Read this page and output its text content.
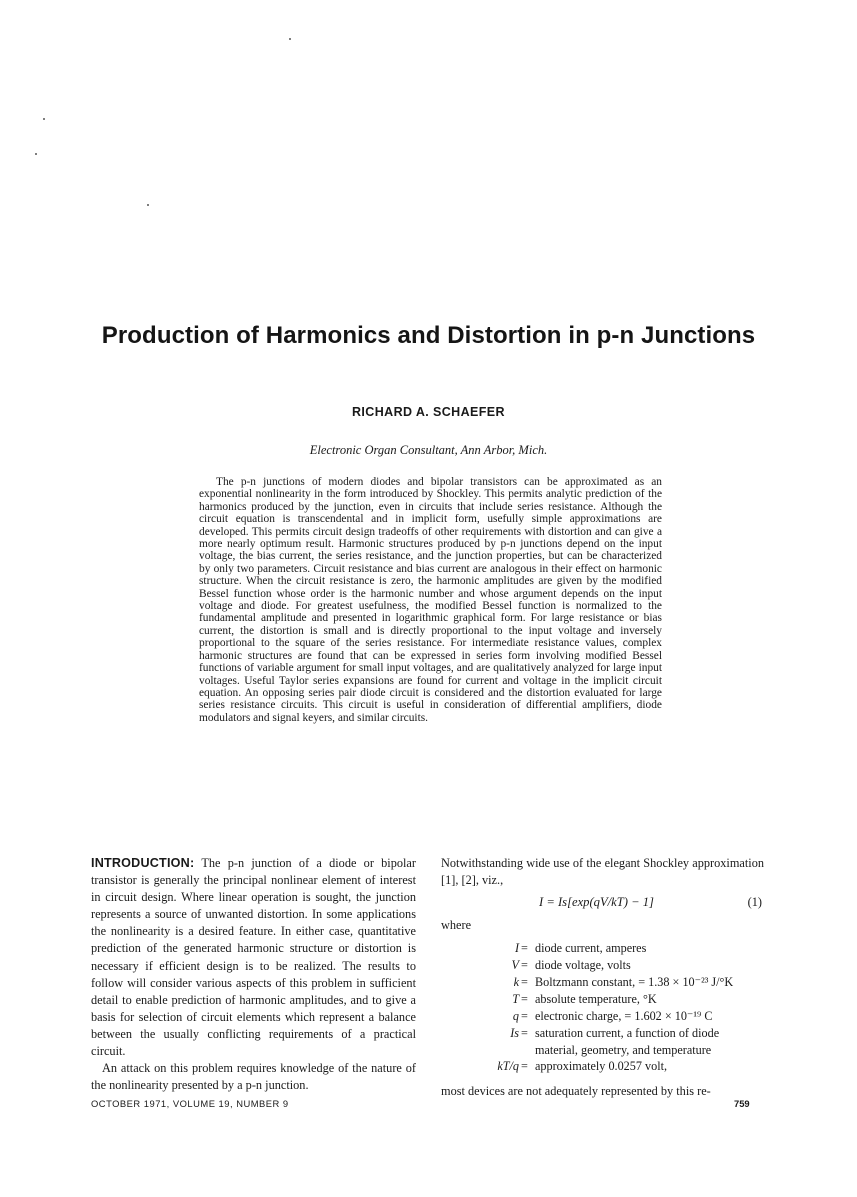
Production of Harmonics and Distortion in p-n Junctions
RICHARD A. SCHAEFER
Electronic Organ Consultant, Ann Arbor, Mich.

The p-n junctions of modern diodes and bipolar transistors can be approximated as an exponential nonlinearity in the form introduced by Shockley. This permits analytic prediction of the harmonics produced by the junction, even in circuits that include series resistance. Although the circuit equation is transcendental and in implicit form, usefully simple approximations are developed. This permits circuit design tradeoffs of other requirements with distortion and can give a more nearly optimum result. Harmonic structures produced by p-n junctions depend on the input voltage, the bias current, the series resistance, and the junction properties, but can be characterized by only two parameters. Circuit resistance and bias current are analogous in their effect on harmonic structure. When the circuit resistance is zero, the harmonic amplitudes are given by the modified Bessel function whose order is the harmonic number and whose argument depends on the input voltage and diode. For greatest usefulness, the modified Bessel function is normalized to the fundamental amplitude and presented in logarithmic graphical form. For large resistance or bias current, the distortion is small and is directly proportional to the input voltage and inversely proportional to the square of the series resistance. For intermediate resistance values, complex harmonic structures are found that can be expressed in series form involving modified Bessel functions of variable argument for small input voltages, and are qualitatively analyzed for large input voltages. Useful Taylor series expansions are found for current and voltage in the implicit circuit equation. An opposing series pair diode circuit is considered and the distortion evaluated for large series resistance circuits. This circuit is useful in consideration of differential amplifiers, diode modulators and signal keyers, and similar circuits.

INTRODUCTION: The p-n junction of a diode or bipolar transistor is generally the principal nonlinear element of interest in circuit design. Where linear operation is sought, the junction represents a source of unwanted distortion. In some applications the nonlinearity is a desired feature. In either case, quantitative prediction of the generated harmonic structure or distortion is necessary if efficient design is to be realized. The results to follow will consider various aspects of this problem in sufficient detail to enable prediction of harmonic amplitudes, and to give a basis for selection of circuit elements which represent a balance between the usually conflicting requirements of a practical circuit.

An attack on this problem requires knowledge of the nature of the nonlinearity presented by a p-n junction.

Notwithstanding wide use of the elegant Shockley approximation [1], [2], viz.,

I = Is[exp(qV/kT) − 1]	(1)
where
I = diode current, amperes
V = diode voltage, volts
k = Boltzmann constant, = 1.38 × 10⁻²³ J/°K
T = absolute temperature, °K
q = electronic charge, = 1.602 × 10⁻¹⁹ C
Is = saturation current, a function of diode material, geometry, and temperature
kT/q = approximately 0.0257 volt,

most devices are not adequately represented by this re-

OCTOBER 1971, VOLUME 19, NUMBER 9	759
